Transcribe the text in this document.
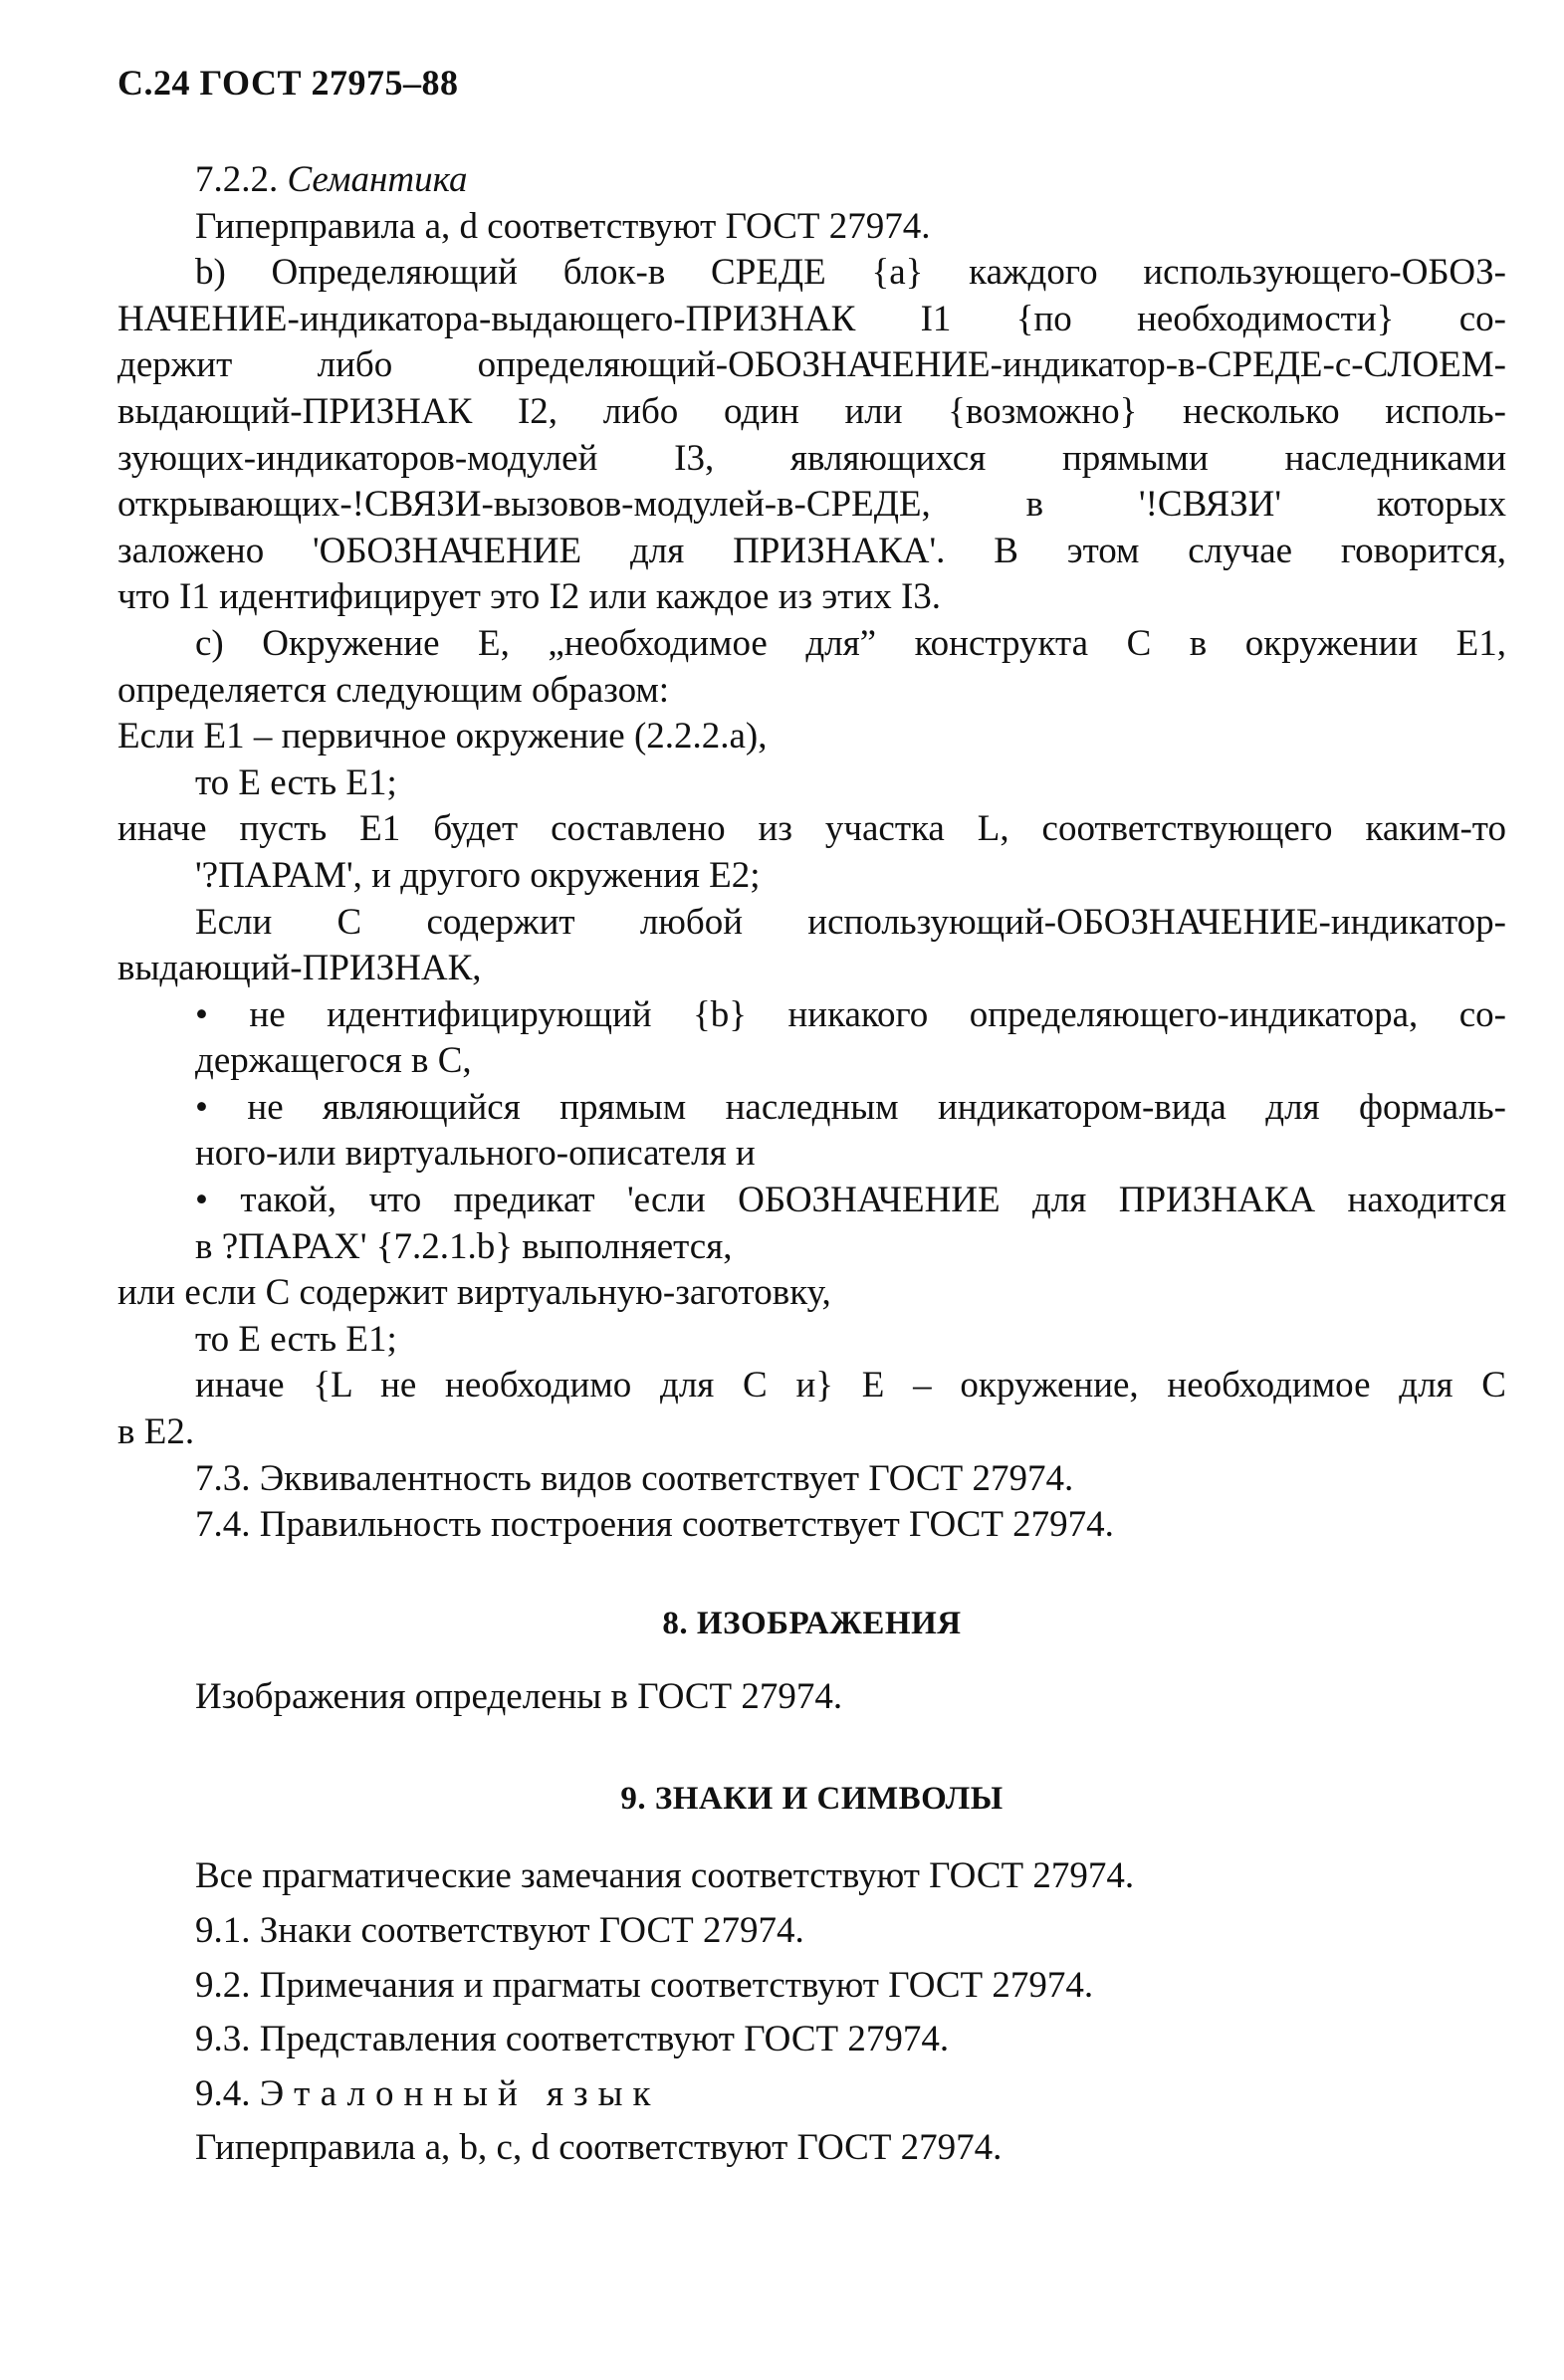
С.24 ГОСТ 27975–88

7.2.2. Семантика

Гиперправила a, d соответствуют ГОСТ 27974.

b) Определяющий блок-в СРЕДЕ {a} каждого использующего-ОБОЗ-

НАЧЕНИЕ-индикатора-выдающего-ПРИЗНАК I1 {по необходимости} со-

держит либо определяющий-ОБОЗНАЧЕНИЕ-индикатор-в-СРЕДЕ-с-СЛОЕМ-

выдающий-ПРИЗНАК I2, либо один или {возможно} несколько исполь-

зующих-индикаторов-модулей I3, являющихся прямыми наследниками

открывающих-!СВЯЗИ-вызовов-модулей-в-СРЕДЕ, в '!СВЯЗИ' которых

заложено 'ОБОЗНАЧЕНИЕ для ПРИЗНАКА'. В этом случае говорится,

что I1 идентифицирует это I2 или каждое из этих I3.

c) Окружение E, „необходимое для” конструкта C в окружении E1,

определяется следующим образом:

Если E1 – первичное окружение (2.2.2.a),

то E есть E1;

иначе пусть E1 будет составлено из участка L, соответствующего каким-то

'?ПАРАМ', и другого окружения E2;

Если C содержит любой использующий-ОБОЗНАЧЕНИЕ-индикатор-

выдающий-ПРИЗНАК,

• не идентифицирующий {b} никакого определяющего-индикатора, со-

держащегося в C,

• не являющийся прямым наследным индикатором-вида для формаль-

ного-или виртуального-описателя и

• такой, что предикат 'если ОБОЗНАЧЕНИЕ для ПРИЗНАКА находится

в ?ПАРАХ' {7.2.1.b} выполняется,

или если C содержит виртуальную-заготовку,

то E есть E1;

иначе {L не необходимо для C и} E – окружение, необходимое для C

в E2.

7.3. Эквивалентность видов соответствует ГОСТ 27974.

7.4. Правильность построения соответствует ГОСТ 27974.

8. ИЗОБРАЖЕНИЯ

Изображения определены в ГОСТ 27974.

9. ЗНАКИ И СИМВОЛЫ

Все прагматические замечания соответствуют ГОСТ 27974.

9.1. Знаки соответствуют ГОСТ 27974.

9.2. Примечания и прагматы соответствуют ГОСТ 27974.

9.3. Представления соответствуют ГОСТ 27974.

9.4. Эталонный язык

Гиперправила a, b, c, d соответствуют ГОСТ 27974.
